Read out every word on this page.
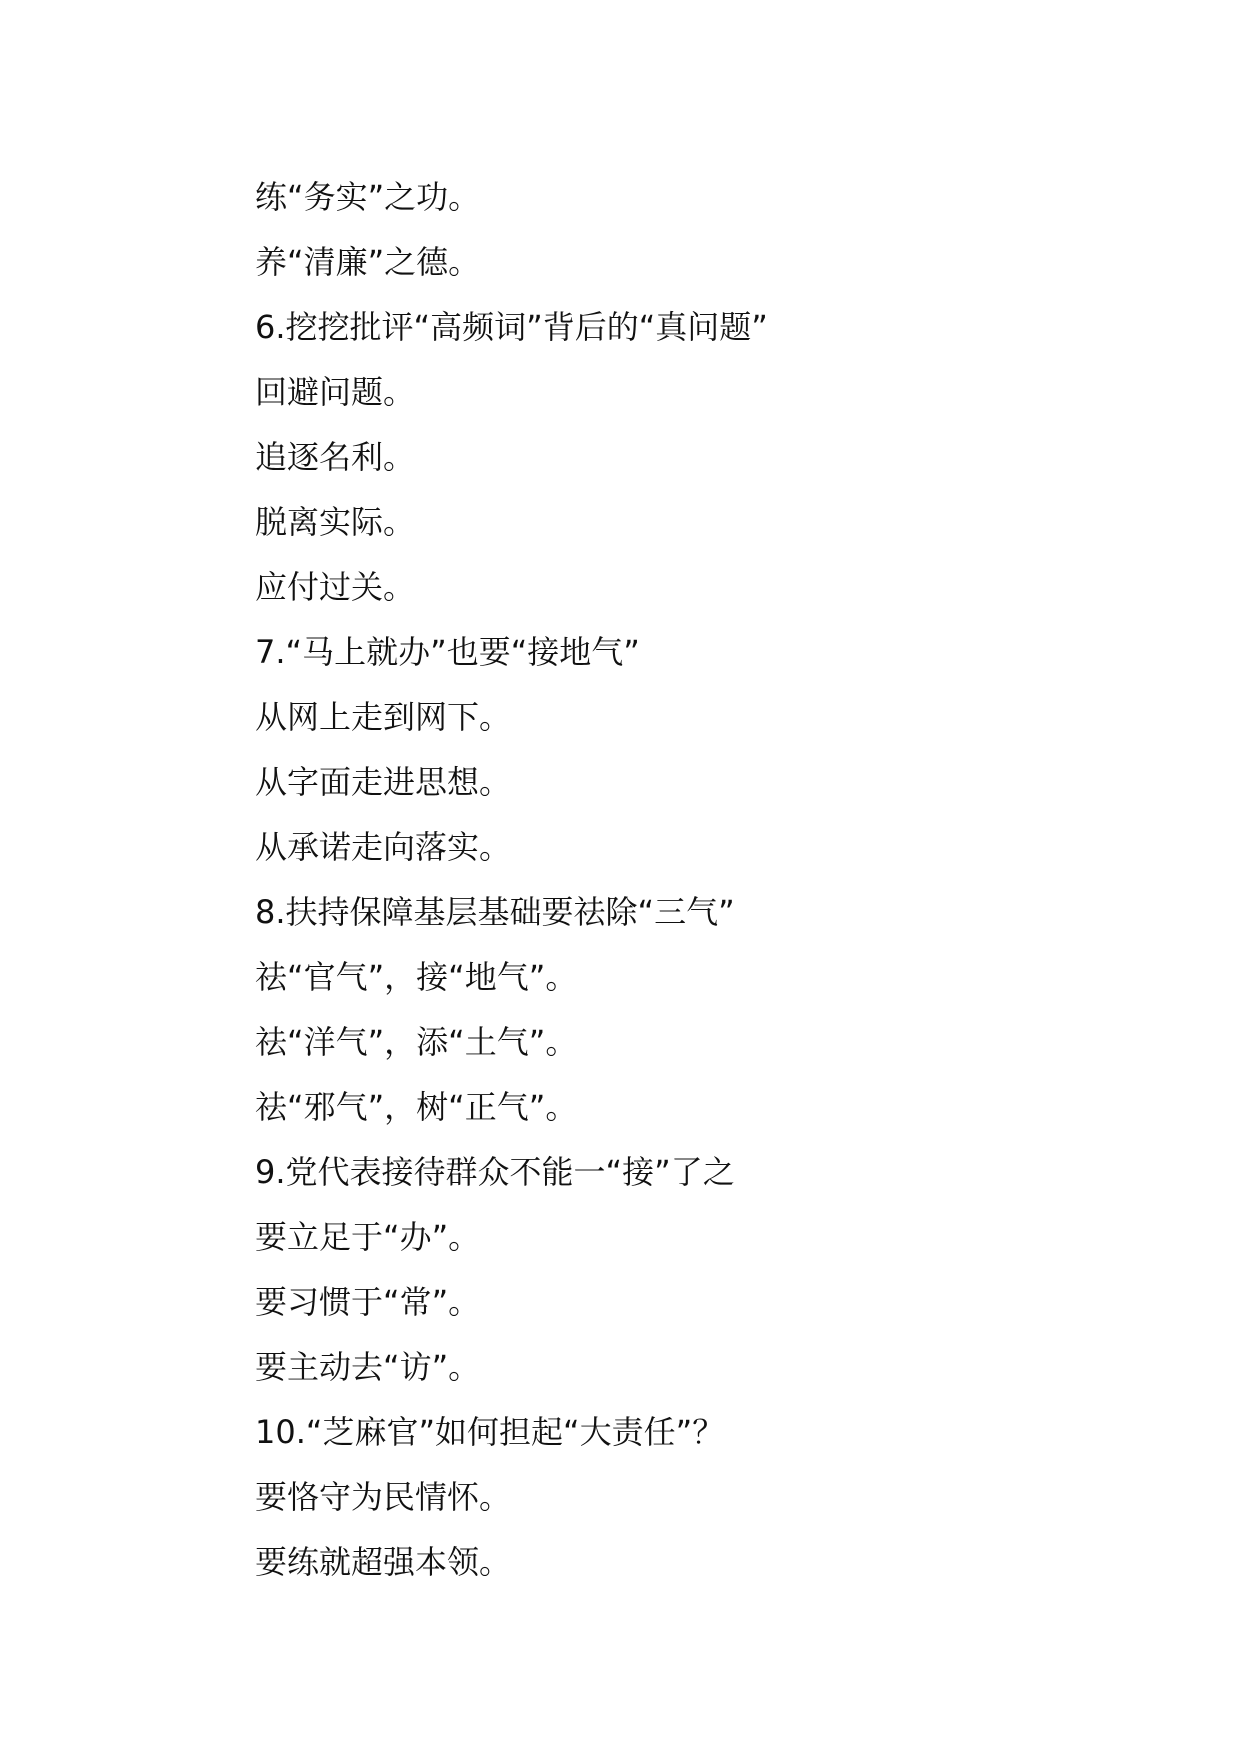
练“务实”之功。
养“清廉”之德。
6.挖挖批评“高频词”背后的“真问题”
回避问题。
追逐名利。
脱离实际。
应付过关。
7.“马上就办”也要“接地气”
从网上走到网下。
从字面走进思想。
从承诺走向落实。
8.扶持保障基层基础要祛除“三气”
祛“官气”，接“地气”。
祛“洋气”，添“土气”。
祛“邪气”，树“正气”。
9.党代表接待群众不能一“接”了之
要立足于“办”。
要习惯于“常”。
要主动去“访”。
10.“芝麻官”如何担起“大责任”？
要恪守为民情怀。
要练就超强本领。
